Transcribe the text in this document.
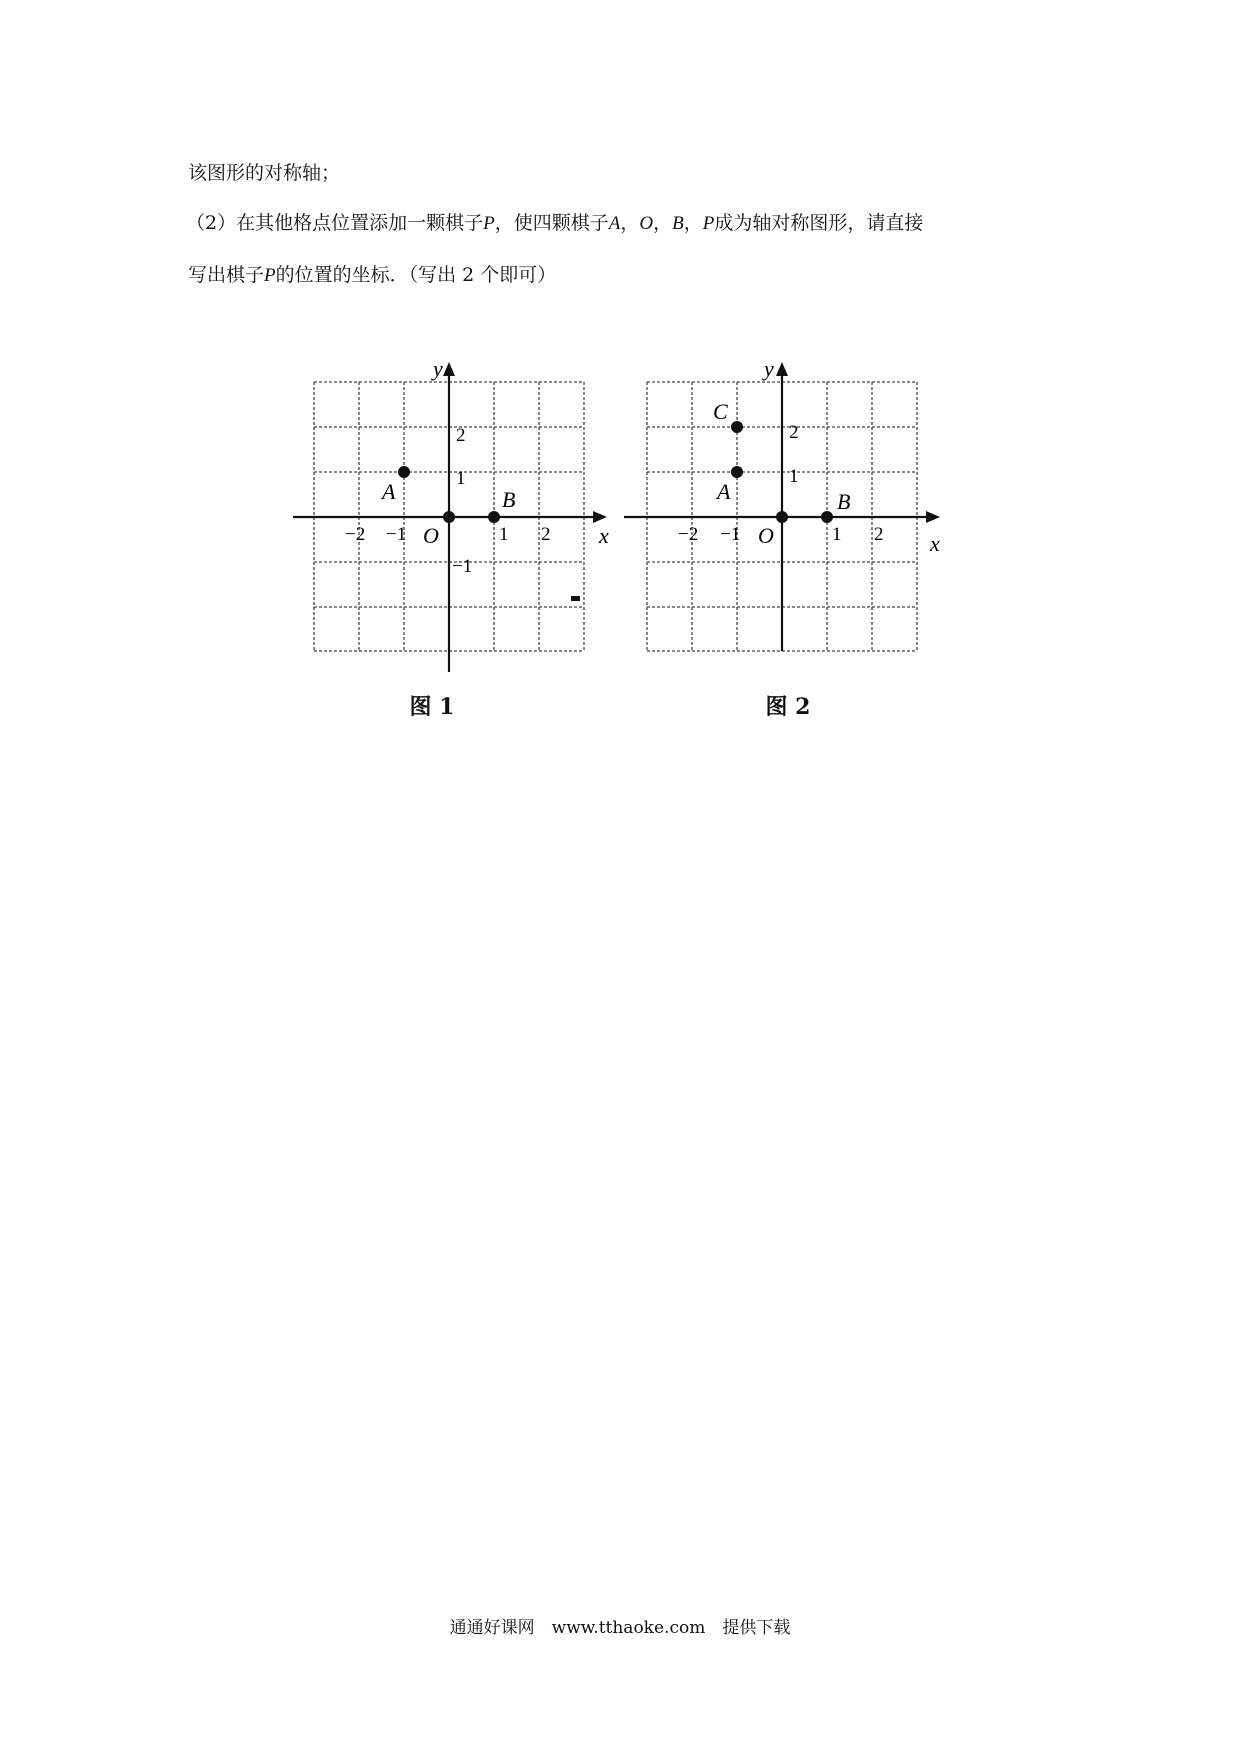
该图形的对称轴；
（2）在其他格点位置添加一颗棋子P，使四颗棋子A，O，B，P成为轴对称图形，请直接
写出棋子P的位置的坐标．（写出 2 个即可）
y
x
−2 −1	1 2
2
1
−1
O
A	B
图 1
y
x
−2 −1	1 2
2
1
O
C
A	B
图 2
通通好课网　www.tthaoke.com　提供下载
